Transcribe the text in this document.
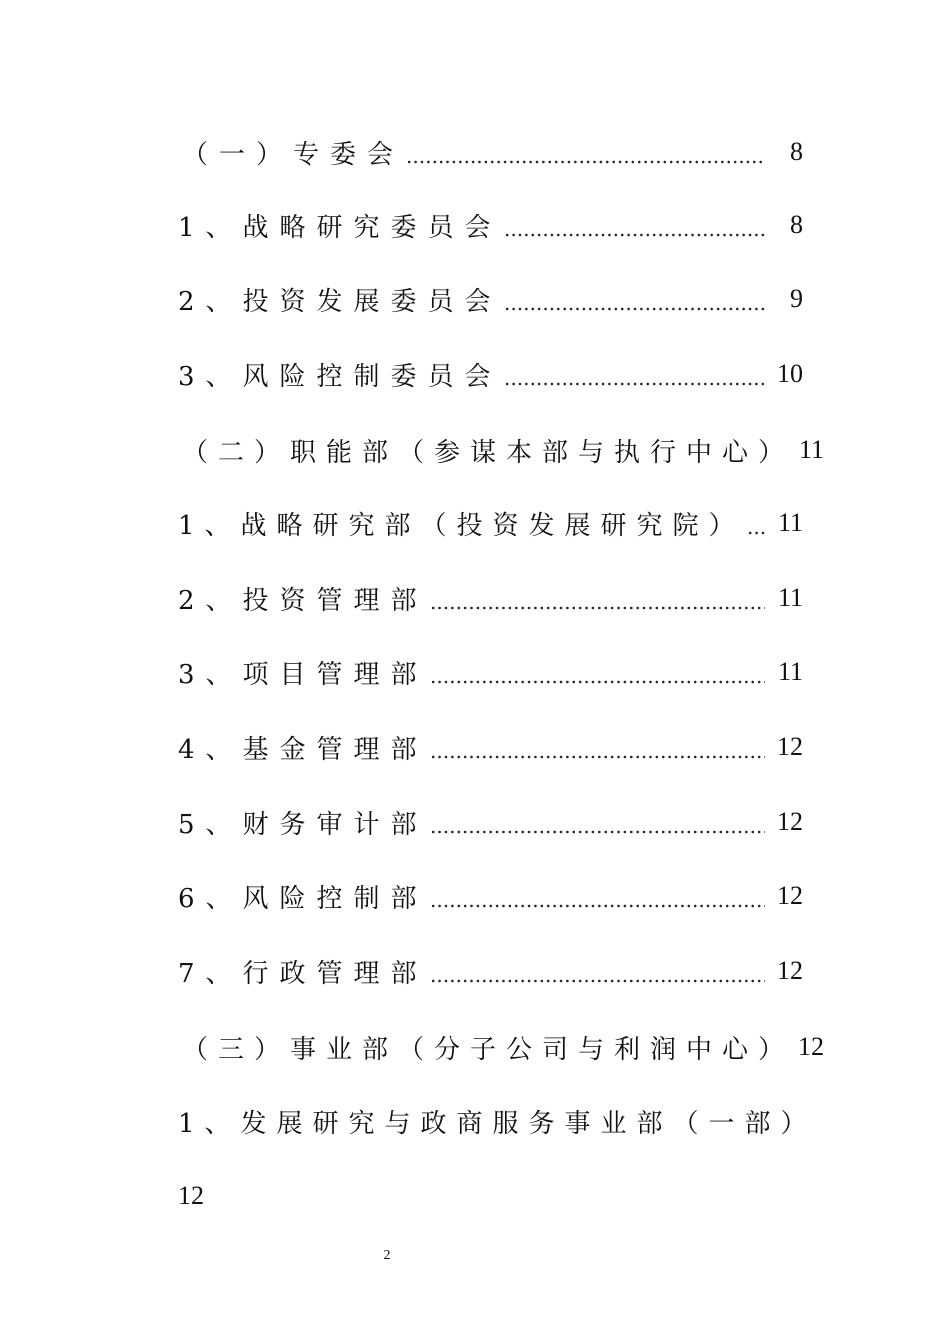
（一）专委会	8
1、战略研究委员会	8
2、投资发展委员会	9
3、风险控制委员会	10
（二）职能部（参谋本部与执行中心） 11
1、战略研究部（投资发展研究院） 11
2、投资管理部	11
3、项目管理部	11
4、基金管理部	12
5、财务审计部	12
6、风险控制部	12
7、行政管理部	12
（三）事业部（分子公司与利润中心） 12
1、发展研究与政商服务事业部（一部）
12
2
